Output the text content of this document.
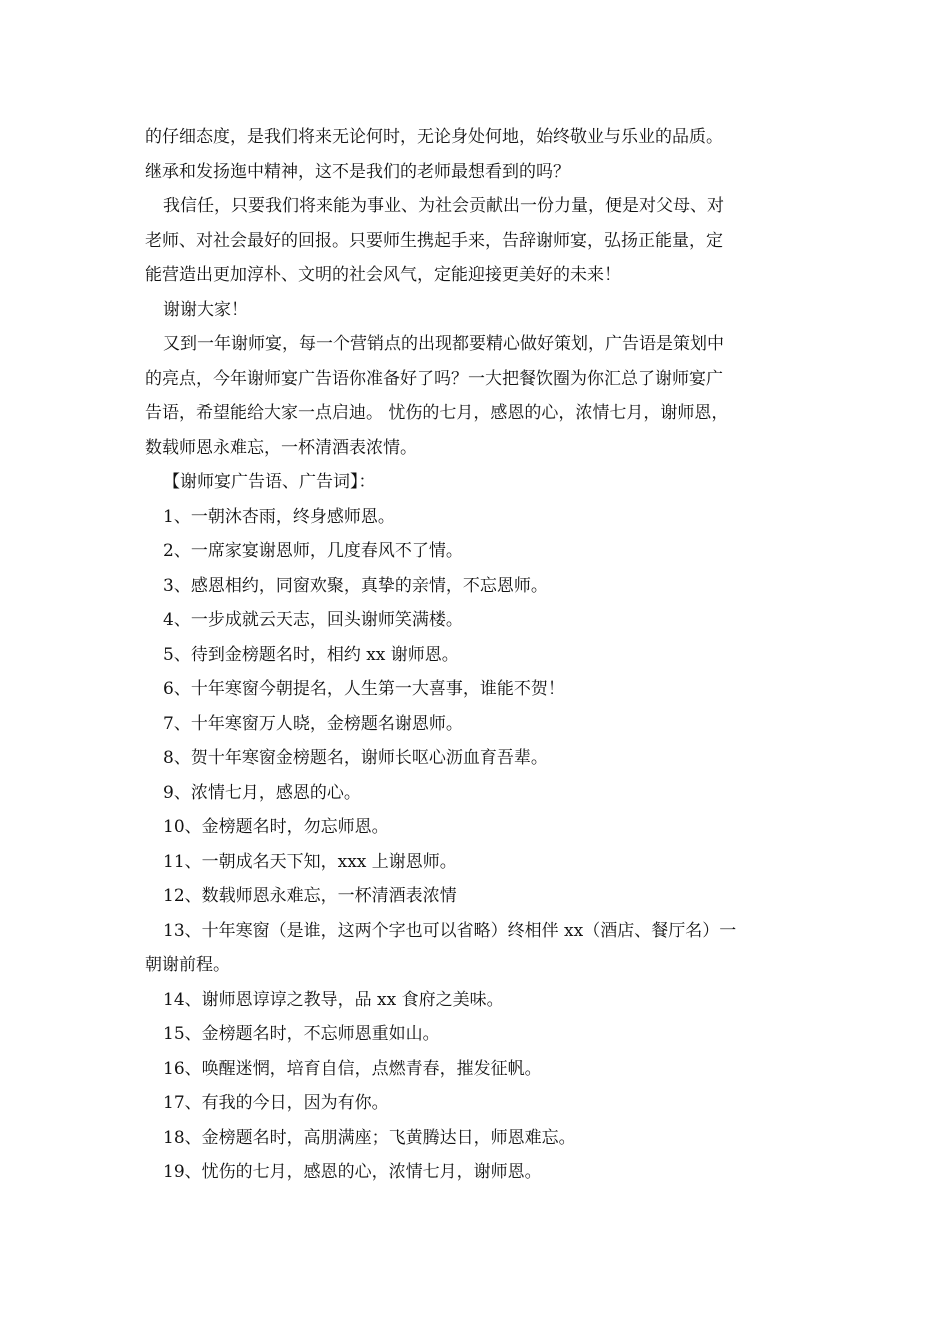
的仔细态度，是我们将来无论何时，无论身处何地，始终敬业与乐业的品质。
继承和发扬迤中精神，这不是我们的老师最想看到的吗？
我信任，只要我们将来能为事业、为社会贡献出一份力量，便是对父母、对
老师、对社会最好的回报。只要师生携起手来，告辞谢师宴，弘扬正能量，定
能营造出更加淳朴、文明的社会风气，定能迎接更美好的未来！
谢谢大家！
又到一年谢师宴，每一个营销点的出现都要精心做好策划，广告语是策划中
的亮点，今年谢师宴广告语你准备好了吗？一大把餐饮圈为你汇总了谢师宴广
告语，希望能给大家一点启迪。 忧伤的七月，感恩的心，浓情七月，谢师恩，
数载师恩永难忘，一杯清酒表浓情。
【谢师宴广告语、广告词】：
1、一朝沐杏雨，终身感师恩。
2、一席家宴谢恩师，几度春风不了情。
3、感恩相约，同窗欢聚，真挚的亲情，不忘恩师。
4、一步成就云天志，回头谢师笑满楼。
5、待到金榜题名时，相约 xx 谢师恩。
6、十年寒窗今朝提名，人生第一大喜事，谁能不贺！
7、十年寒窗万人晓，金榜题名谢恩师。
8、贺十年寒窗金榜题名，谢师长呕心沥血育吾辈。
9、浓情七月，感恩的心。
10、金榜题名时，勿忘师恩。
11、一朝成名天下知，xxx 上谢恩师。
12、数载师恩永难忘，一杯清酒表浓情
13、十年寒窗（是谁，这两个字也可以省略）终相伴 xx（酒店、餐厅名）一
朝谢前程。
14、谢师恩谆谆之教导，品 xx 食府之美味。
15、金榜题名时，不忘师恩重如山。
16、唤醒迷惘，培育自信，点燃青春，摧发征帆。
17、有我的今日，因为有你。
18、金榜题名时，高朋满座；飞黄腾达日，师恩难忘。
19、忧伤的七月，感恩的心，浓情七月，谢师恩。
